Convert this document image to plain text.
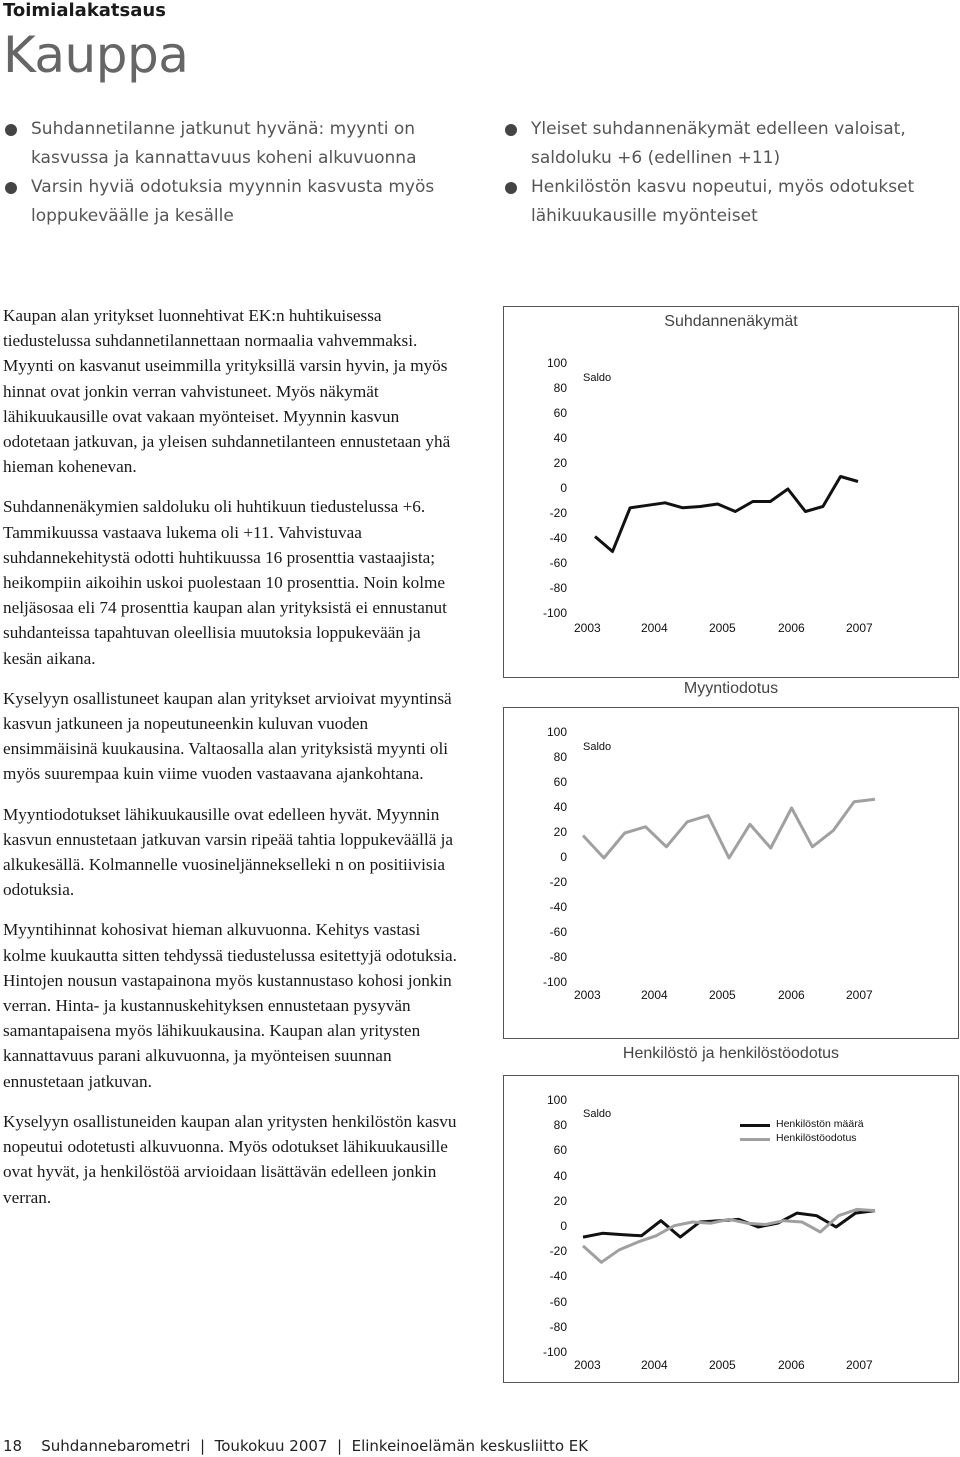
Toimialakatsaus
Kauppa
Suhdannetilanne jatkunut hyvänä: myynti on kasvussa ja kannattavuus koheni alkuvuonna
Varsin hyviä odotuksia myynnin kasvusta myös loppukeväälle ja kesälle
Yleiset suhdannenäkymät edelleen valoisat, saldoluku +6 (edellinen +11)
Henkilöstön kasvu nopeutui, myös odotukset lähikuukausille myönteiset

Kaupan alan yritykset luonnehtivat EK:n huhtikuisessa tiedustelussa suhdannetilannettaan normaalia vahvemmaksi. Myynti on kasvanut useimmilla yrityksillä varsin hyvin, ja myös hinnat ovat jonkin verran vahvistuneet. Myös näkymät lähikuukausille ovat vakaan myönteiset. Myynnin kasvun odotetaan jatkuvan, ja yleisen suhdannetilanteen ennustetaan yhä hieman kohenevan.

Suhdannenäkymien saldoluku oli huhtikuun tiedustelussa +6. Tammikuussa vastaava lukema oli +11. Vahvistuvaa suhdannekehitystä odotti huhtikuussa 16 prosenttia vastaajista; heikompiin aikoihin uskoi puolestaan 10 prosenttia. Noin kolme neljäsosaa eli 74 prosenttia kaupan alan yrityksistä ei ennustanut suhdanteissa tapahtuvan oleellisia muutoksia loppukevään ja kesän aikana.

Kyselyyn osallistuneet kaupan alan yritykset arvioivat myyntinsä kasvun jatkuneen ja nopeutuneenkin kuluvan vuoden ensimmäisinä kuukausina. Valtaosalla alan yrityksistä myynti oli myös suurempaa kuin viime vuoden vastaavana ajankohtana.

Myyntiodotukset lähikuukausille ovat edelleen hyvät. Myynnin kasvun ennustetaan jatkuvan varsin ripeää tahtia loppukeväällä ja alkukesällä. Kolmannelle vuosineljännekselleki n on positiivisia odotuksia.

Myyntihinnat kohosivat hieman alkuvuonna. Kehitys vastasi kolme kuukautta sitten tehdyssä tiedustelussa esitettyjä odotuksia. Hintojen nousun vastapainona myös kustannustaso kohosi jonkin verran. Hinta- ja kustannuskehityksen ennustetaan pysyvän samantapaisena myös lähikuukausina. Kaupan alan yritysten kannattavuus parani alkuvuonna, ja myönteisen suunnan ennustetaan jatkuvan.

Kyselyyn osallistuneiden kaupan alan yritysten henkilöstön kasvu nopeutui odotetusti alkuvuonna. Myös odotukset lähikuukausille ovat hyvät, ja henkilöstöä arvioidaan lisättävän edelleen jonkin verran.

Suhdannenäkymät
100
80
60
40
20
0
-20
-40
-60
-80
-100
Saldo
2003	2004	2005	2006	2007
Myyntiodotus
100
80
60
40
20
0
-20
-40
-60
-80
-100
Saldo
2003	2004	2005	2006	2007
Henkilöstö ja henkilöstöodotus
100
80
60
40
20
0
-20
-40
-60
-80
-100
Saldo
2003	2004	2005	2006	2007
Henkilöstön määrä
Henkilöstöodotus
18 Suhdannebarometri  |  Toukokuu 2007  |  Elinkeinoelämän keskusliitto EK
